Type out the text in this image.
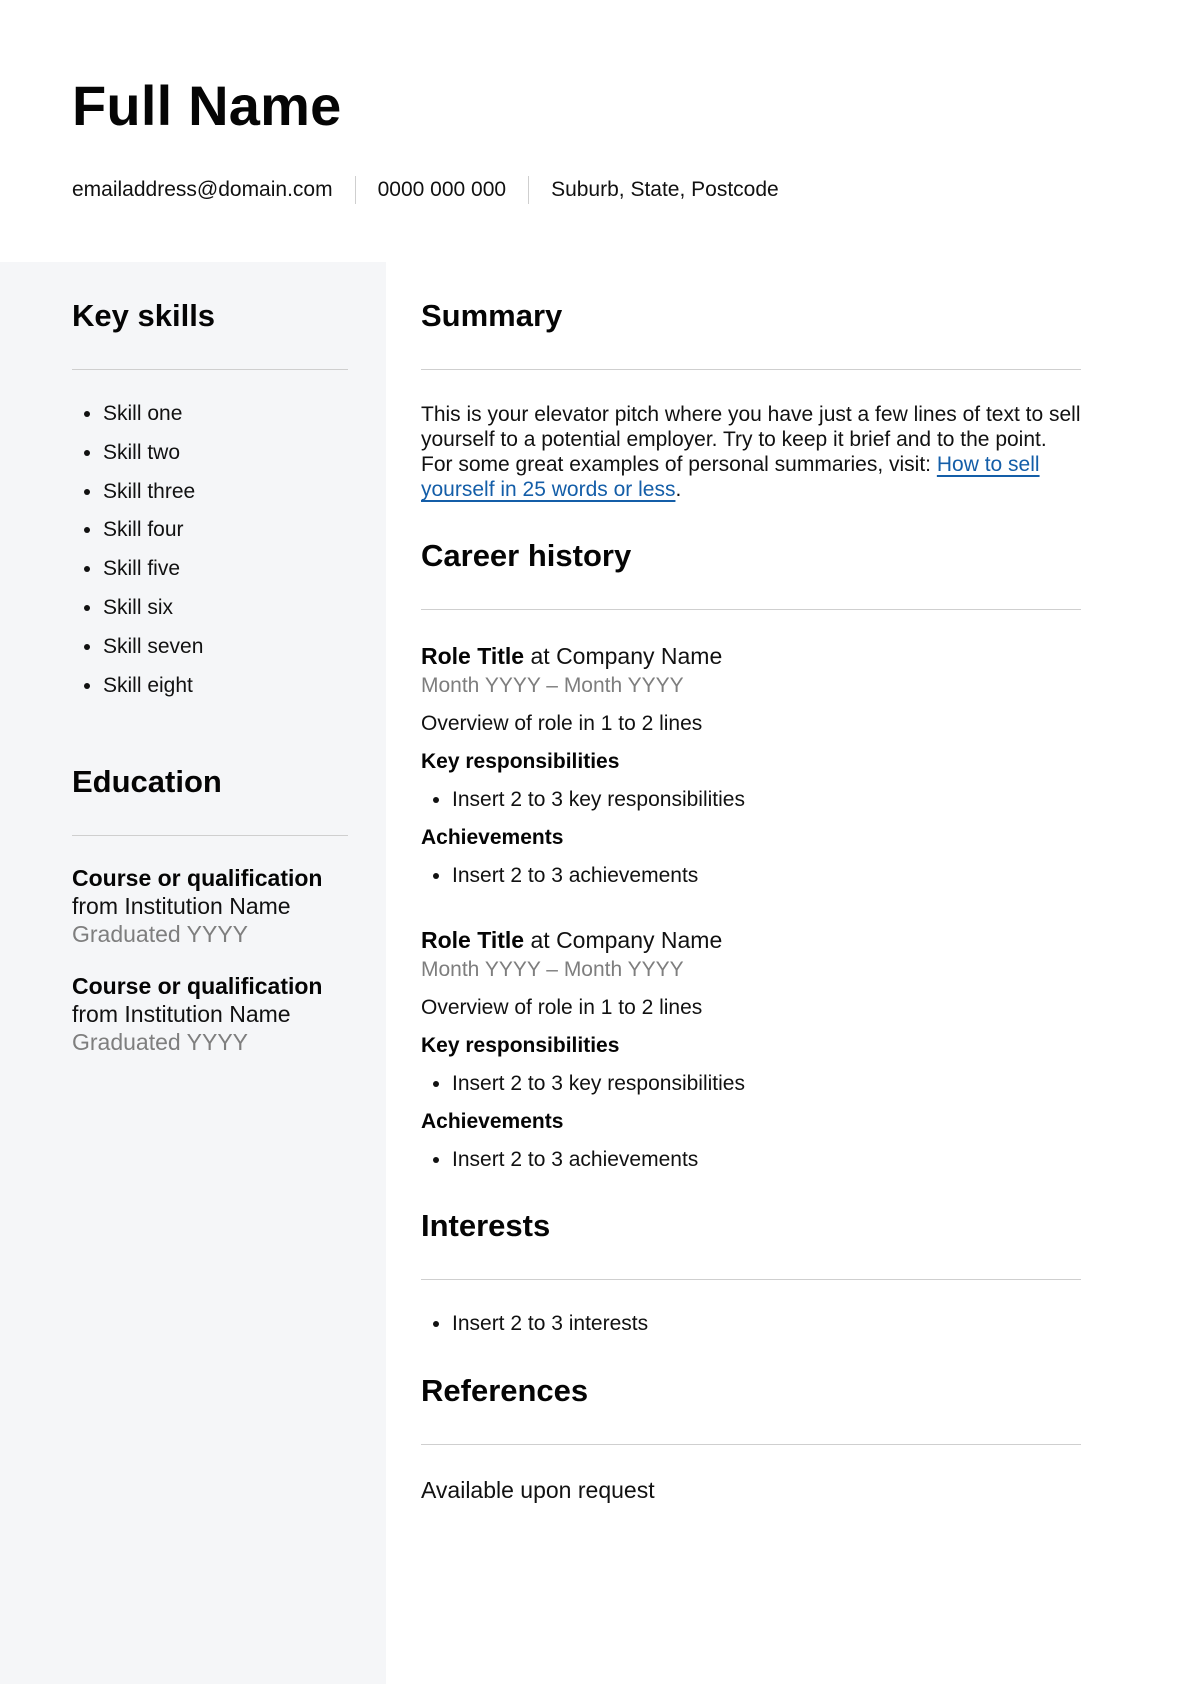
Full Name
emailaddress@domain.com 0000 000 000 Suburb, State, Postcode
Key skills
Skill one
Skill two
Skill three
Skill four
Skill five
Skill six
Skill seven
Skill eight
Education
Course or qualification
from Institution Name
Graduated YYYY
Course or qualification
from Institution Name
Graduated YYYY
Summary

This is your elevator pitch where you have just a few lines of text to sell yourself to a potential employer. Try to keep it brief and to the point. For some great examples of personal summaries, visit: How to sell yourself in 25 words or less.

Career history
Role Title at Company Name
Month YYYY – Month YYYY
Overview of role in 1 to 2 lines
Key responsibilities
Insert 2 to 3 key responsibilities
Achievements
Insert 2 to 3 achievements
Role Title at Company Name
Month YYYY – Month YYYY
Overview of role in 1 to 2 lines
Key responsibilities
Insert 2 to 3 key responsibilities
Achievements
Insert 2 to 3 achievements
Interests
Insert 2 to 3 interests
References
Available upon request
